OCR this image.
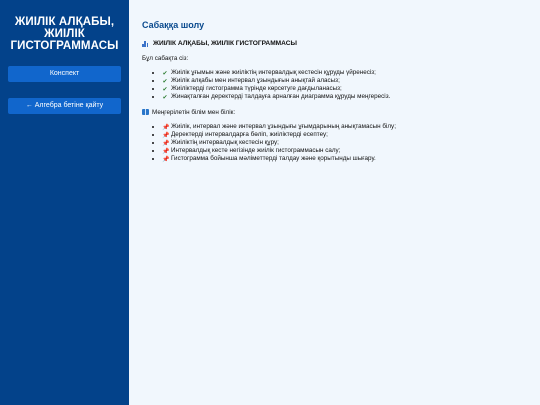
ЖИІЛІК АЛҚАБЫ,
ЖИІЛІК
ГИСТОГРАММАСЫ
Конспект
← Алгебра бетіне қайту
Сабаққа шолу
ЖИІЛІК АЛҚАБЫ, ЖИІЛІК ГИСТОГРАММАСЫ

Бұл сабақта сіз:

• ✔ Жиілік ұғымын және жиіліктің интервалдық кестесін құруды үйренесіз;
• ✔ Жиілік алқабы мен интервал ұзындығын анықтай аласыз;
• ✔ Жиіліктерді гистограмма түрінде көрсетуге дағдыланасыз;
• ✔ Жинақталған деректерді талдауға арналған диаграмма құруды меңгересіз.

Меңгерілетін білім мен білік:

• 📌 Жиілік, интервал және интервал ұзындығы ұғымдарының анықтамасын білу;
• 📌 Деректерді интервалдарға бөліп, жиіліктерді есептеу;
• 📌 Жиіліктің интервалдық кестесін құру;
• 📌 Интервалдық кесте негізінде жиілік гистограммасын салу;
• 📌 Гистограмма бойынша мәліметтерді талдау және қорытынды шығару.
